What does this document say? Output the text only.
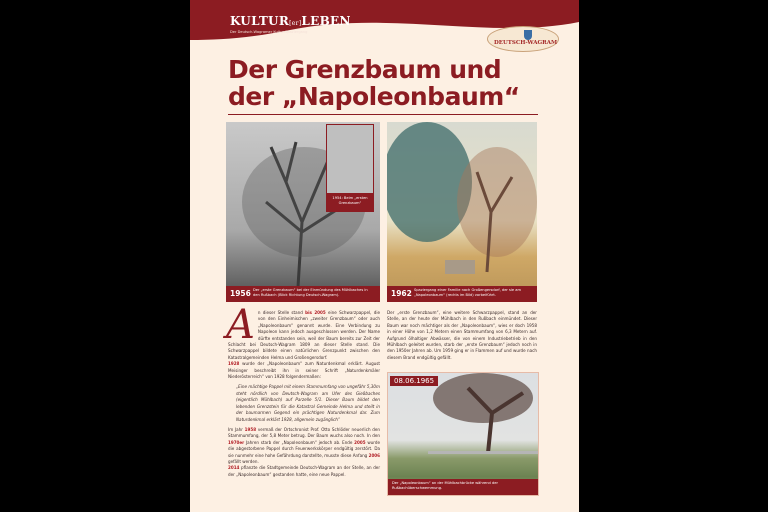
KULTUR[er]LEBEN
Der Deutsch-Wagramer Kultur-Spaziergang
DEUTSCH-WAGRAM
Der Grenzbaum und
der „Napoleonbaum“
1956 Der „erste Grenzbaum“ bei der Einmündung des Mühlbaches in den Rußbach (Blick Richtung Deutsch-Wagram).	1962 Spaziergang einer Familie nach Großengersdorf, der sie am „Napoleonbaum“ (rechts im Bild) vorbeiführt.
1954: Beim „ersten Grenzbaum“

An dieser Stelle stand bis 2005 eine Schwarzpappel, die von den Einheimischen „zweiter Grenzbaum“ oder auch „Napoleonbaum“ genannt wurde. Eine Verbindung zu Napoleon kann jedoch ausgeschlossen werden. Der Name dürfte entstanden sein, weil der Baum bereits zur Zeit der Schlacht bei Deutsch-Wagram 1809 an dieser Stelle stand. Die Schwarzpappel bildete einen natürlichen Grenzpunkt zwischen den Katastralgemeinden Helma und Großengersdorf.

1928 wurde der „Napoleonbaum“ zum Naturdenkmal erklärt. August Meisinger beschreibt ihn in seiner Schrift „Naturdenkmäler Niederösterreich“ von 1928 folgendermaßen:

„Eine mächtige Pappel mit einem Stammumfang von ungefähr 5,30m steht nördlich von Deutsch-Wagram am Ufer des Gießbaches (eigentlich Mühlbach) auf Parzelle 5/1. Dieser Baum bildet den lebenden Grenzstein für die Katastral Gemeinde Helma und steilt in der baumarmen Gegend ein prächtigen Naturdenkmal dar. Zum Naturdenkmal erklärt 1928, allgemein zugänglich“

Im Jahr 1958 vermaß der Ortschronist Prof. Otto Schlöder neuerlich den Stammumfang, der 5,8 Meter betrug. Der Baum wuchs also noch. In den 1970er Jahren starb der „Napoleonbaum“ jedoch ab. Ende 2005 wurde die abgestorbene Pappel durch Feuerwerkskörper endgültig zerstört. Da sie nunmehr eine hohe Gefährdung darstellte, musste diese Anfang 2006 gefällt werden.

2014 pflanzte die Stadtgemeinde Deutsch-Wagram an der Stelle, an der der „Napoleonbaum“ gestanden hatte, eine neue Pappel.

Der „erste Grenzbaum“, eine weitere Schwarzpappel, stand an der Stelle, an der heute der Mühlbach in den Rußbach einmündet. Dieser Baum war noch mächtiger als der „Napoleonbaum“, wies er doch 1958 in einer Höhe von 1,2 Metern einen Stammumfang von 6,3 Metern auf. Aufgrund ölhaltiger Abwässer, die von einem Industriebetrieb in den Mühlbach geleitet wurden, starb der „erste Grenzbaum“ jedoch noch in den 1950er Jahren ab. Um 1959 ging er in Flammen auf und wurde nach diesem Brand endgültig gefällt.

08.06.1965
Der „Napoleonbaum“ an der Mühlbachbrücke während der Rußbachüberschwemmung.
